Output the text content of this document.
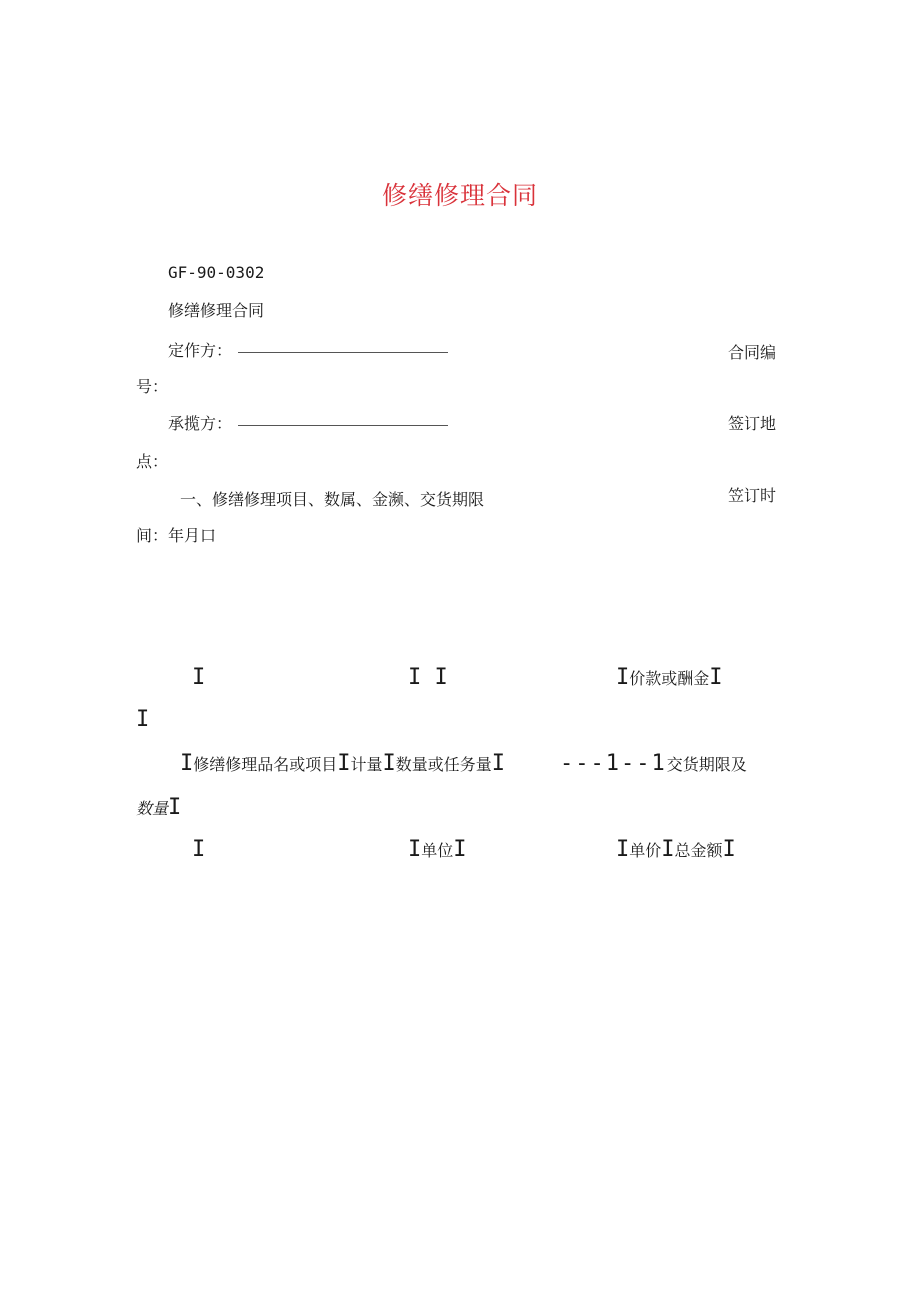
修缮修理合同
GF-90-0302
修缮修理合同
定作方：	合同编
号：
承揽方：	签订地
点：
一、修缮修理项目、数属、金濒、交货期限	笠订时
间：年月口
I	I I	I价款或酬金I
I
I修缮修理品名或项目I计量I数量或任务量I ---1--1交货期限及
数量I
I	I单位I	I单价I总金额I
